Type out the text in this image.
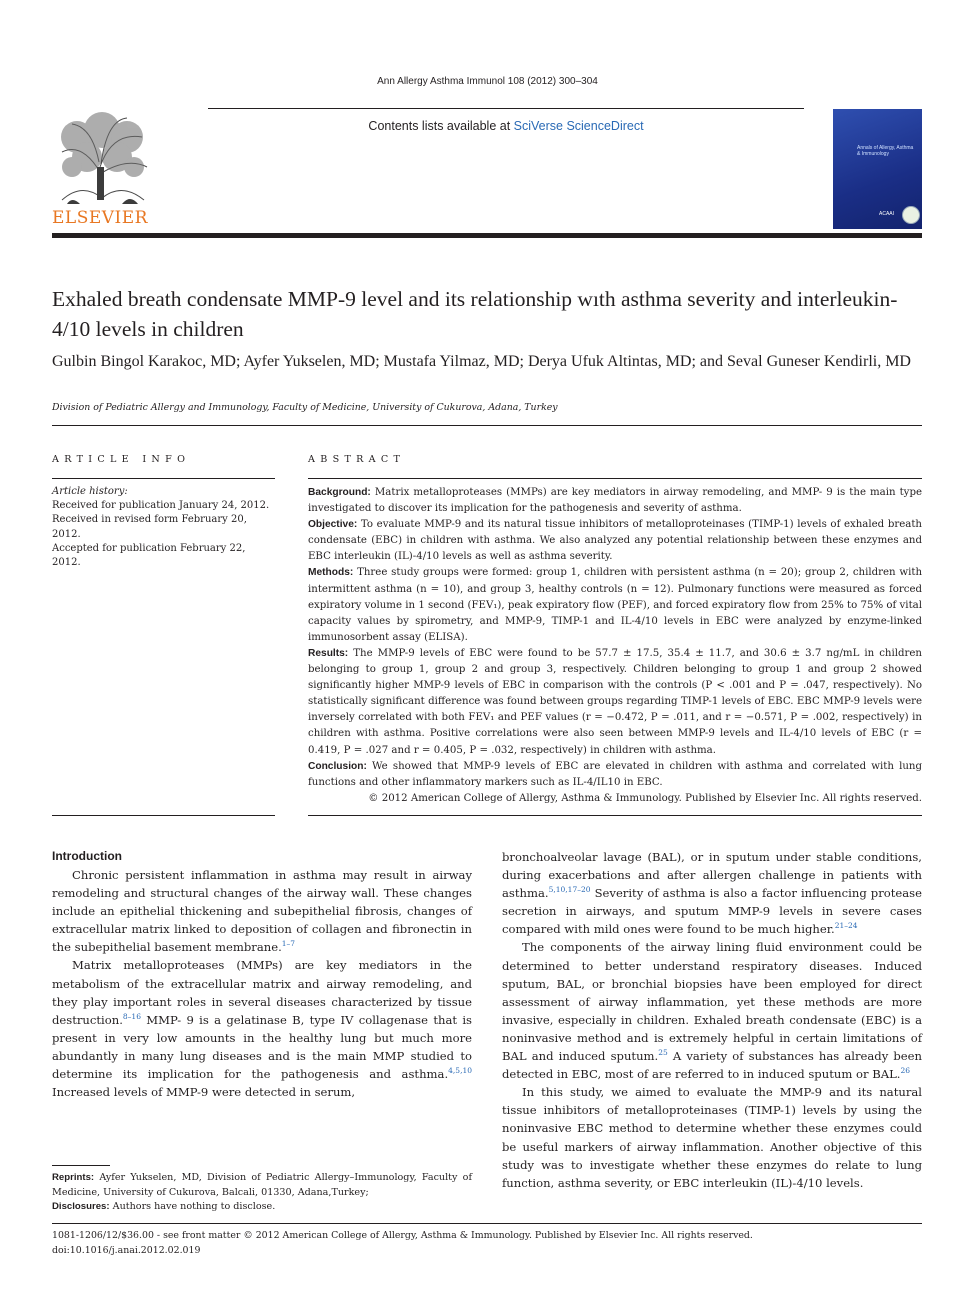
Ann Allergy Asthma Immunol 108 (2012) 300–304
Contents lists available at SciVerse ScienceDirect
ELSEVIER
Annals of Allergy, Asthma & Immunology
ACAAI
Exhaled breath condensate MMP-9 level and its relationship wıth asthma severity and interleukin-4/10 levels in children
Gulbin Bingol Karakoc, MD; Ayfer Yukselen, MD; Mustafa Yilmaz, MD; Derya Ufuk Altintas, MD; and Seval Guneser Kendirli, MD
Division of Pediatric Allergy and Immunology, Faculty of Medicine, University of Cukurova, Adana, Turkey
ARTICLE INFO	ABSTRACT
Article history:
Received for publication January 24, 2012.
Received in revised form February 20, 2012.
Accepted for publication February 22, 2012.

Background: Matrix metalloproteases (MMPs) are key mediators in airway remodeling, and MMP- 9 is the main type investigated to discover its implication for the pathogenesis and severity of asthma.

Objective: To evaluate MMP-9 and its natural tissue inhibitors of metalloproteinases (TIMP-1) levels of exhaled breath condensate (EBC) in children with asthma. We also analyzed any potential relationship between these enzymes and EBC interleukin (IL)-4/10 levels as well as asthma severity.

Methods: Three study groups were formed: group 1, children with persistent asthma (n = 20); group 2, children with intermittent asthma (n = 10), and group 3, healthy controls (n = 12). Pulmonary functions were measured as forced expiratory volume in 1 second (FEV₁), peak expiratory flow (PEF), and forced expiratory flow from 25% to 75% of vital capacity values by spirometry, and MMP-9, TIMP-1 and IL-4/10 levels in EBC were analyzed by enzyme-linked immunosorbent assay (ELISA).

Results: The MMP-9 levels of EBC were found to be 57.7 ± 17.5, 35.4 ± 11.7, and 30.6 ± 3.7 ng/mL in children belonging to group 1, group 2 and group 3, respectively. Children belonging to group 1 and group 2 showed significantly higher MMP-9 levels of EBC in comparison with the controls (P < .001 and P = .047, respectively). No statistically significant difference was found between groups regarding TIMP-1 levels of EBC. EBC MMP-9 levels were inversely correlated with both FEV₁ and PEF values (r = −0.472, P = .011, and r = −0.571, P = .002, respectively) in children with asthma. Positive correlations were also seen between MMP-9 levels and IL-4/10 levels of EBC (r = 0.419, P = .027 and r = 0.405, P = .032, respectively) in children with asthma.

Conclusion: We showed that MMP-9 levels of EBC are elevated in children with asthma and correlated with lung functions and other inflammatory markers such as IL-4/IL10 in EBC.

© 2012 American College of Allergy, Asthma & Immunology. Published by Elsevier Inc. All rights reserved.

Introduction

Chronic persistent inflammation in asthma may result in airway remodeling and structural changes of the airway wall. These changes include an epithelial thickening and subepithelial fibrosis, changes of extracellular matrix linked to deposition of collagen and fibronectin in the subepithelial basement membrane.$^{1-7}$

Matrix metalloproteases (MMPs) are key mediators in the metabolism of the extracellular matrix and airway remodeling, and they play important roles in several diseases characterized by tissue destruction.$^{8-16}$ MMP- 9 is a gelatinase B, type IV collagenase that is present in very low amounts in the healthy lung but much more abundantly in many lung diseases and is the main MMP studied to determine its implication for the pathogenesis and asthma.$^{4,5,10}$ Increased levels of MMP-9 were detected in serum,

bronchoalveolar lavage (BAL), or in sputum under stable conditions, during exacerbations and after allergen challenge in patients with asthma.$^{5,10,17-20}$ Severity of asthma is also a factor influencing protease secretion in airways, and sputum MMP-9 levels in severe cases compared with mild ones were found to be much higher.$^{21-24}$

The components of the airway lining fluid environment could be determined to better understand respiratory diseases. Induced sputum, BAL, or bronchial biopsies have been employed for direct assessment of airway inflammation, yet these methods are more invasive, especially in children. Exhaled breath condensate (EBC) is a noninvasive method and is extremely helpful in certain limitations of BAL and induced sputum.$^{25}$ A variety of substances has already been detected in EBC, most of are referred to in induced sputum or BAL.$^{26}$

In this study, we aimed to evaluate the MMP-9 and its natural tissue inhibitors of metalloproteinases (TIMP-1) levels by using the noninvasive EBC method to determine whether these enzymes could be useful markers of airway inflammation. Another objective of this study was to investigate whether these enzymes do relate to lung function, asthma severity, or EBC interleukin (IL)-4/10 levels.

Reprints: Ayfer Yukselen, MD, Division of Pediatric Allergy–Immunology, Faculty of Medicine, University of Cukurova, Balcali, 01330, Adana,Turkey;
Disclosures: Authors have nothing to disclose.
1081-1206/12/$36.00 - see front matter © 2012 American College of Allergy, Asthma & Immunology. Published by Elsevier Inc. All rights reserved.
doi:10.1016/j.anai.2012.02.019
